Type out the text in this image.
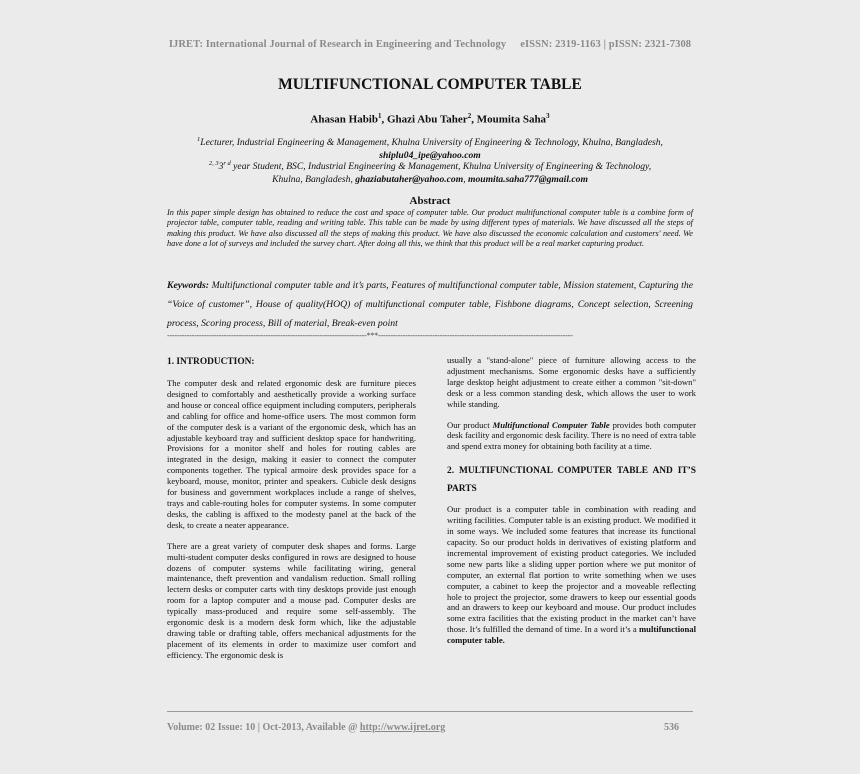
IJRET: International Journal of Research in Engineering and Technology eISSN: 2319-1163 | pISSN: 2321-7308
MULTIFUNCTIONAL COMPUTER TABLE
Ahasan Habib$^1$, Ghazi Abu Taher$^2$, Moumita Saha$^3$
$^1$Lecturer, Industrial Engineering & Management, Khulna University of Engineering & Technology, Khulna, Bangladesh,
shiplu04_ipe@yahoo.com
$^{2, 3}3^{r d}$ year Student, BSC, Industrial Engineering & Management, Khulna University of Engineering & Technology,
Khulna, Bangladesh, ghaziabutaher@yahoo.com, moumita.saha777@gmail.com
Abstract
In this paper simple design has obtained to reduce the cost and space of computer table. Our product multifunctional computer table is a combine form of projector table, computer table, reading and writing table. This table can be made by using different types of materials. We have discussed all the steps of making this product. We have also discussed all the steps of making this product. We have also discussed the economic calculation and customers' need. We have done a lot of surveys and included the survey chart. After doing all this, we think that this product will be a real market capturing product.
Keywords: Multifunctional computer table and it’s parts, Features of multifunctional computer table, Mission statement, Capturing the “Voice of customer”, House of quality(HOQ) of multifunctional computer table, Fishbone diagrams, Concept selection, Screening process, Scoring process, Bill of material, Break-even point
---------------------------------------------------------------------------------***-------------------------------------------------------------------------------
1. INTRODUCTION:

The computer desk and related ergonomic desk are furniture pieces designed to comfortably and aesthetically provide a working surface and house or conceal office equipment including computers, peripherals and cabling for office and home-office users. The most common form of the computer desk is a variant of the ergonomic desk, which has an adjustable keyboard tray and sufficient desktop space for handwriting. Provisions for a monitor shelf and holes for routing cables are integrated in the design, making it easier to connect the computer components together. The typical armoire desk provides space for a keyboard, mouse, monitor, printer and speakers. Cubicle desk designs for business and government workplaces include a range of shelves, trays and cable-routing holes for computer systems. In some computer desks, the cabling is affixed to the modesty panel at the back of the desk, to create a neater appearance.

There are a great variety of computer desk shapes and forms. Large multi-student computer desks configured in rows are designed to house dozens of computer systems while facilitating wiring, general maintenance, theft prevention and vandalism reduction. Small rolling lectern desks or computer carts with tiny desktops provide just enough room for a laptop computer and a mouse pad. Computer desks are typically mass-produced and require some self-assembly. The ergonomic desk is a modern desk form which, like the adjustable drawing table or drafting table, offers mechanical adjustments for the placement of its elements in order to maximize user comfort and efficiency. The ergonomic desk is

usually a "stand-alone" piece of furniture allowing access to the adjustment mechanisms. Some ergonomic desks have a sufficiently large desktop height adjustment to create either a common "sit-down" desk or a less common standing desk, which allows the user to work while standing.

Our product Multifunctional Computer Table provides both computer desk facility and ergonomic desk facility. There is no need of extra table and spend extra money for obtaining both facility at a time.

2. MULTIFUNCTIONAL COMPUTER TABLE AND IT’S PARTS

Our product is a computer table in combination with reading and writing facilities. Computer table is an existing product. We modified it in some ways. We included some features that increase its functional capacity. So our product holds in derivatives of existing platform and incremental improvement of existing product categories. We included some new parts like a sliding upper portion where we put monitor of computer, an external flat portion to write something when we uses computer, a cabinet to keep the projector and a moveable reflecting hole to project the projector, some drawers to keep our essential goods and an drawers to keep our keyboard and mouse. Our product includes some extra facilities that the existing product in the market can’t have those. It’s fulfilled the demand of time. In a word it’s a multifunctional computer table.

Volume: 02 Issue: 10 | Oct-2013, Available @ http://www.ijret.org	536
